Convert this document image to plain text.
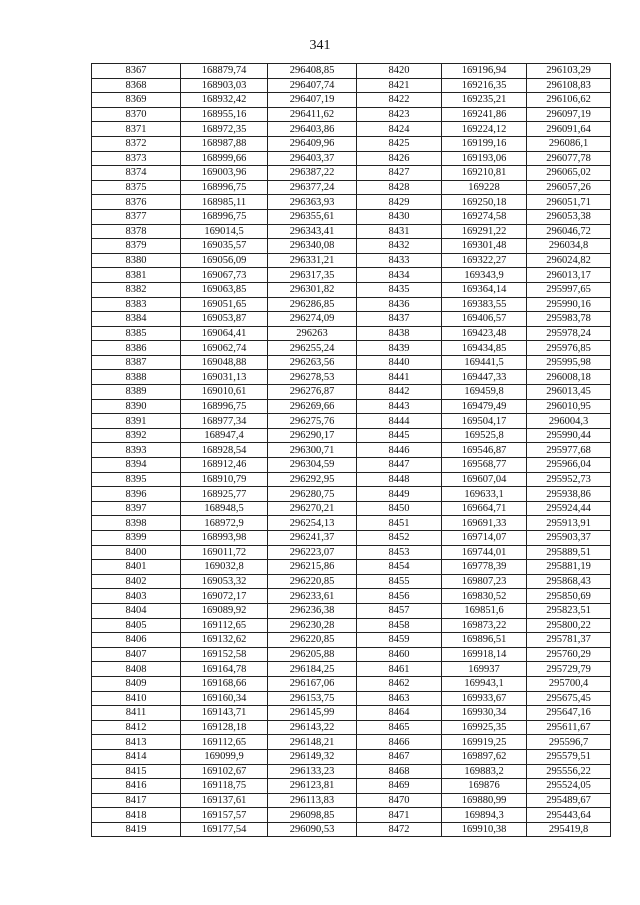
341
8367	168879,74	296408,85	8420	169196,94	296103,29
8368	168903,03	296407,74	8421	169216,35	296108,83
8369	168932,42	296407,19	8422	169235,21	296106,62
8370	168955,16	296411,62	8423	169241,86	296097,19
8371	168972,35	296403,86	8424	169224,12	296091,64
8372	168987,88	296409,96	8425	169199,16	296086,1
8373	168999,66	296403,37	8426	169193,06	296077,78
8374	169003,96	296387,22	8427	169210,81	296065,02
8375	168996,75	296377,24	8428	169228	296057,26
8376	168985,11	296363,93	8429	169250,18	296051,71
8377	168996,75	296355,61	8430	169274,58	296053,38
8378	169014,5	296343,41	8431	169291,22	296046,72
8379	169035,57	296340,08	8432	169301,48	296034,8
8380	169056,09	296331,21	8433	169322,27	296024,82
8381	169067,73	296317,35	8434	169343,9	296013,17
8382	169063,85	296301,82	8435	169364,14	295997,65
8383	169051,65	296286,85	8436	169383,55	295990,16
8384	169053,87	296274,09	8437	169406,57	295983,78
8385	169064,41	296263	8438	169423,48	295978,24
8386	169062,74	296255,24	8439	169434,85	295976,85
8387	169048,88	296263,56	8440	169441,5	295995,98
8388	169031,13	296278,53	8441	169447,33	296008,18
8389	169010,61	296276,87	8442	169459,8	296013,45
8390	168996,75	296269,66	8443	169479,49	296010,95
8391	168977,34	296275,76	8444	169504,17	296004,3
8392	168947,4	296290,17	8445	169525,8	295990,44
8393	168928,54	296300,71	8446	169546,87	295977,68
8394	168912,46	296304,59	8447	169568,77	295966,04
8395	168910,79	296292,95	8448	169607,04	295952,73
8396	168925,77	296280,75	8449	169633,1	295938,86
8397	168948,5	296270,21	8450	169664,71	295924,44
8398	168972,9	296254,13	8451	169691,33	295913,91
8399	168993,98	296241,37	8452	169714,07	295903,37
8400	169011,72	296223,07	8453	169744,01	295889,51
8401	169032,8	296215,86	8454	169778,39	295881,19
8402	169053,32	296220,85	8455	169807,23	295868,43
8403	169072,17	296233,61	8456	169830,52	295850,69
8404	169089,92	296236,38	8457	169851,6	295823,51
8405	169112,65	296230,28	8458	169873,22	295800,22
8406	169132,62	296220,85	8459	169896,51	295781,37
8407	169152,58	296205,88	8460	169918,14	295760,29
8408	169164,78	296184,25	8461	169937	295729,79
8409	169168,66	296167,06	8462	169943,1	295700,4
8410	169160,34	296153,75	8463	169933,67	295675,45
8411	169143,71	296145,99	8464	169930,34	295647,16
8412	169128,18	296143,22	8465	169925,35	295611,67
8413	169112,65	296148,21	8466	169919,25	295596,7
8414	169099,9	296149,32	8467	169897,62	295579,51
8415	169102,67	296133,23	8468	169883,2	295556,22
8416	169118,75	296123,81	8469	169876	295524,05
8417	169137,61	296113,83	8470	169880,99	295489,67
8418	169157,57	296098,85	8471	169894,3	295443,64
8419	169177,54	296090,53	8472	169910,38	295419,8
